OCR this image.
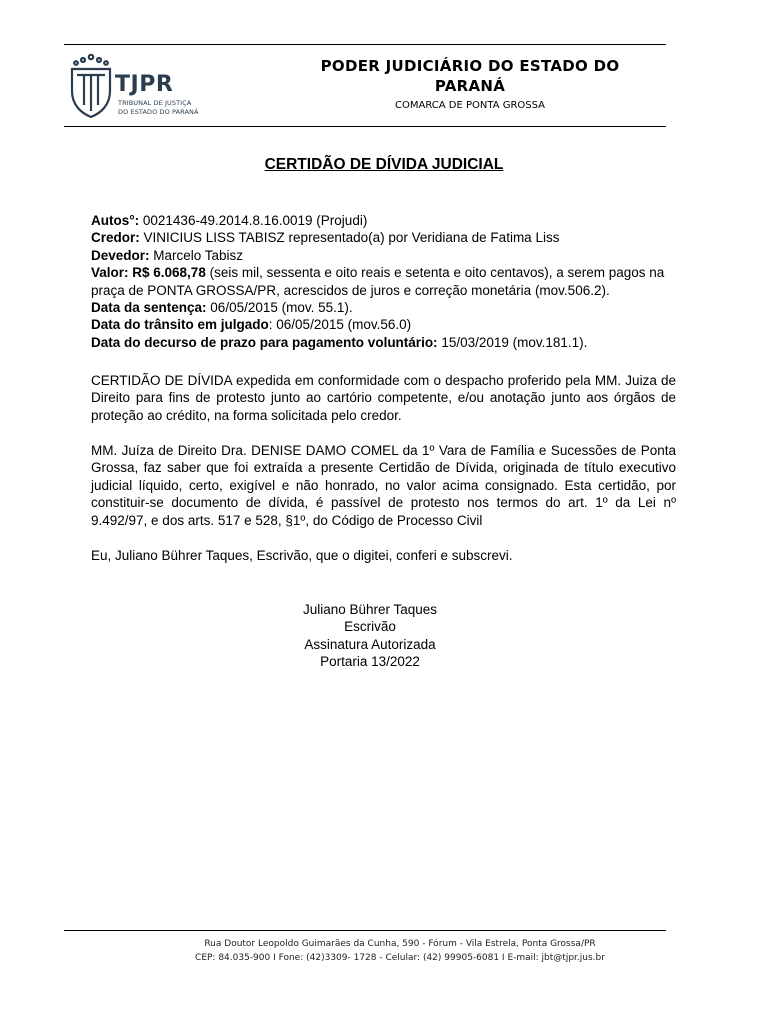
TJPR
TRIBUNAL DE JUSTIÇA
DO ESTADO DO PARANÁ
PODER JUDICIÁRIO DO ESTADO DO
PARANÁ
COMARCA DE PONTA GROSSA
CERTIDÃO DE DÍVIDA JUDICIAL
Autos°: 0021436-49.2014.8.16.0019 (Projudi)
Credor: VINICIUS LISS TABISZ representado(a) por Veridiana de Fatima Liss
Devedor: Marcelo Tabisz
Valor: R$ 6.068,78 (seis mil, sessenta e oito reais e setenta e oito centavos), a serem pagos na praça de PONTA GROSSA/PR, acrescidos de juros e correção monetária (mov.506.2).
Data da sentença: 06/05/2015 (mov. 55.1).
Data do trânsito em julgado: 06/05/2015 (mov.56.0)
Data do decurso de prazo para pagamento voluntário: 15/03/2019 (mov.181.1).
CERTIDÃO DE DÍVIDA expedida em conformidade com o despacho proferido pela MM. Juiza de Direito para fins de protesto junto ao cartório competente, e/ou anotação junto aos órgãos de proteção ao crédito, na forma solicitada pelo credor.
MM. Juíza de Direito Dra. DENISE DAMO COMEL da 1º Vara de Família e Sucessões de Ponta Grossa, faz saber que foi extraída a presente Certidão de Dívida, originada de título executivo judicial líquido, certo, exigível e não honrado, no valor acima consignado. Esta certidão, por constituir-se documento de dívida, é passível de protesto nos termos do art. 1º da Lei nº 9.492/97, e dos arts. 517 e 528, §1º, do Código de Processo Civil
Eu, Juliano Bührer Taques, Escrivão, que o digitei, conferi e subscrevi.
Juliano Bührer Taques
Escrivão
Assinatura Autorizada
Portaria 13/2022
Rua Doutor Leopoldo Guimarães da Cunha, 590 - Fórum - Vila Estrela, Ponta Grossa/PR
CEP: 84.035-900 I Fone: (42)3309- 1728 - Celular: (42) 99905-6081 I E-mail: jbt@tjpr.jus.br
